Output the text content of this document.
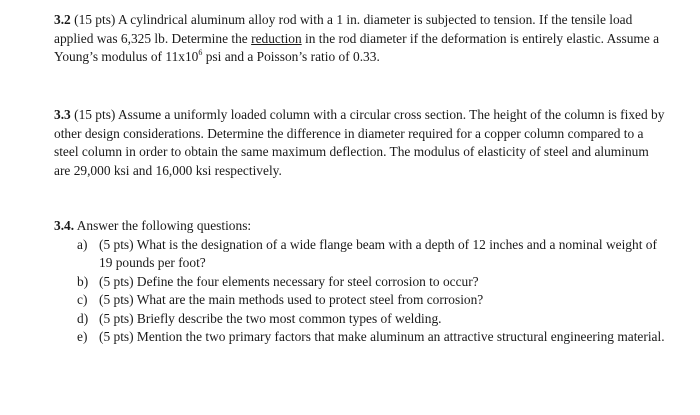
3.2 (15 pts) A cylindrical aluminum alloy rod with a 1 in. diameter is subjected to tension. If the tensile load applied was 6,325 lb. Determine the reduction in the rod diameter if the deformation is entirely elastic. Assume a Young’s modulus of $11x10^6$ psi and a Poisson’s ratio of 0.33.

3.3 (15 pts) Assume a uniformly loaded column with a circular cross section. The height of the column is fixed by other design considerations. Determine the difference in diameter required for a copper column compared to a steel column in order to obtain the same maximum deflection. The modulus of elasticity of steel and aluminum are 29,000 ksi and 16,000 ksi respectively.

3.4. Answer the following questions:
a) (5 pts) What is the designation of a wide flange beam with a depth of 12 inches and a nominal weight of 19 pounds per foot?
b) (5 pts) Define the four elements necessary for steel corrosion to occur?
c) (5 pts) What are the main methods used to protect steel from corrosion?
d) (5 pts) Briefly describe the two most common types of welding.
e) (5 pts) Mention the two primary factors that make aluminum an attractive structural engineering material.
